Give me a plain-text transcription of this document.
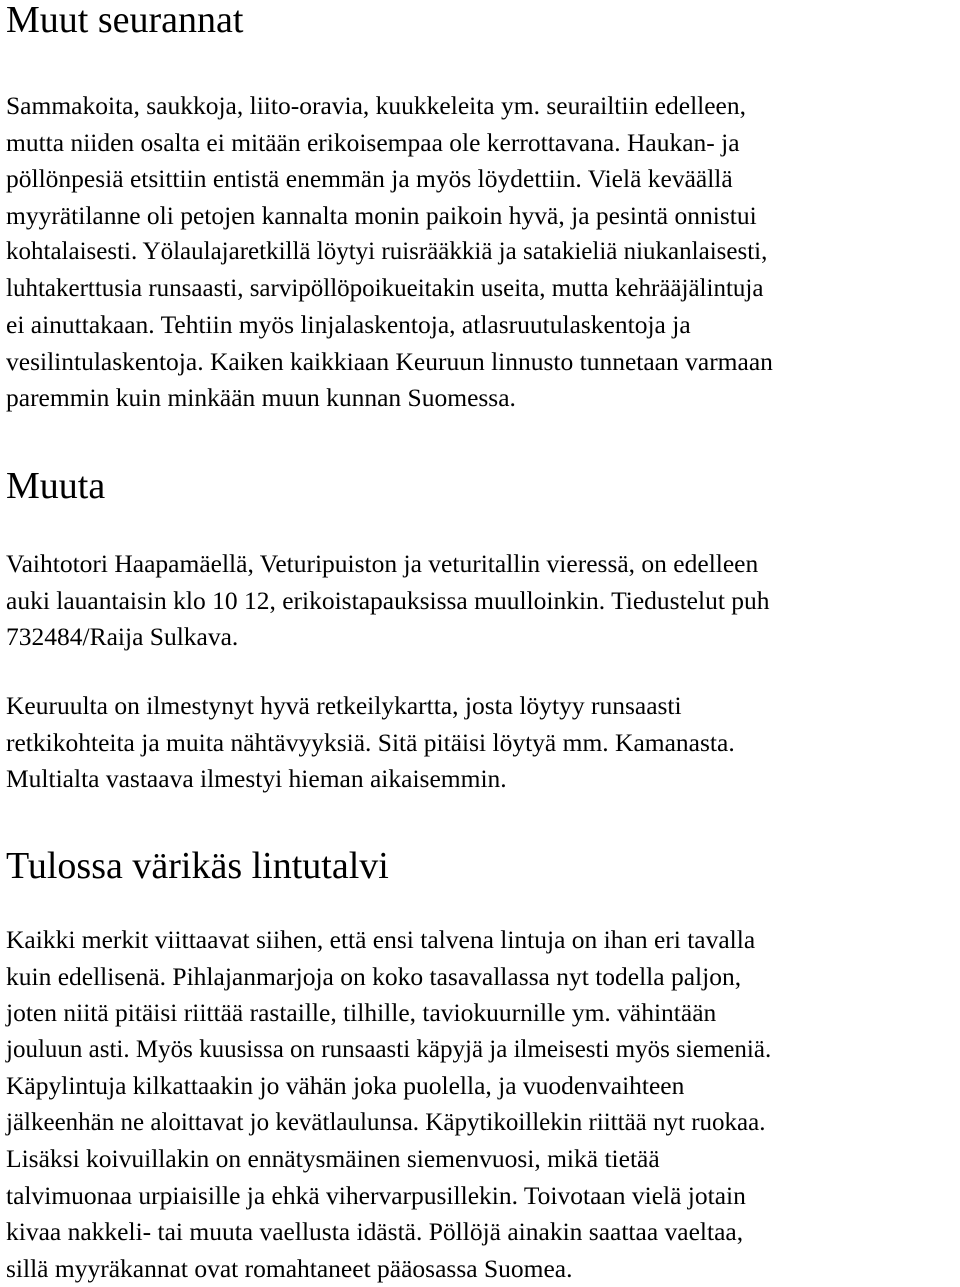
Muut seurannat

Sammakoita, saukkoja, liito-oravia, kuukkeleita ym. seurailtiin edelleen,
mutta niiden osalta ei mitään erikoisempaa ole kerrottavana. Haukan- ja
pöllönpesiä etsittiin entistä enemmän ja myös löydettiin. Vielä keväällä
myyrätilanne oli petojen kannalta monin paikoin hyvä, ja pesintä onnistui
kohtalaisesti. Yölaulajaretkillä löytyi ruisrääkkiä ja satakieliä niukanlaisesti,
luhtakerttusia runsaasti, sarvipöllöpoikueitakin useita, mutta kehrääjälintuja
ei ainuttakaan. Tehtiin myös linjalaskentoja, atlasruutulaskentoja ja
vesilintulaskentoja. Kaiken kaikkiaan Keuruun linnusto tunnetaan varmaan
paremmin kuin minkään muun kunnan Suomessa.

Muuta

Vaihtotori Haapamäellä, Veturipuiston ja veturitallin vieressä, on edelleen
auki lauantaisin klo 10 12, erikoistapauksissa muulloinkin. Tiedustelut puh
732484/Raija Sulkava.

Keuruulta on ilmestynyt hyvä retkeilykartta, josta löytyy runsaasti
retkikohteita ja muita nähtävyyksiä. Sitä pitäisi löytyä mm. Kamanasta.
Multialta vastaava ilmestyi hieman aikaisemmin.

Tulossa värikäs lintutalvi

Kaikki merkit viittaavat siihen, että ensi talvena lintuja on ihan eri tavalla
kuin edellisenä. Pihlajanmarjoja on koko tasavallassa nyt todella paljon,
joten niitä pitäisi riittää rastaille, tilhille, taviokuurnille ym. vähintään
jouluun asti. Myös kuusissa on runsaasti käpyjä ja ilmeisesti myös siemeniä.
Käpylintuja kilkattaakin jo vähän joka puolella, ja vuodenvaihteen
jälkeenhän ne aloittavat jo kevätlaulunsa. Käpytikoillekin riittää nyt ruokaa.
Lisäksi koivuillakin on ennätysmäinen siemenvuosi, mikä tietää
talvimuonaa urpiaisille ja ehkä vihervarpusillekin. Toivotaan vielä jotain
kivaa nakkeli- tai muuta vaellusta idästä. Pöllöjä ainakin saattaa vaeltaa,
sillä myyräkannat ovat romahtaneet pääosassa Suomea.
